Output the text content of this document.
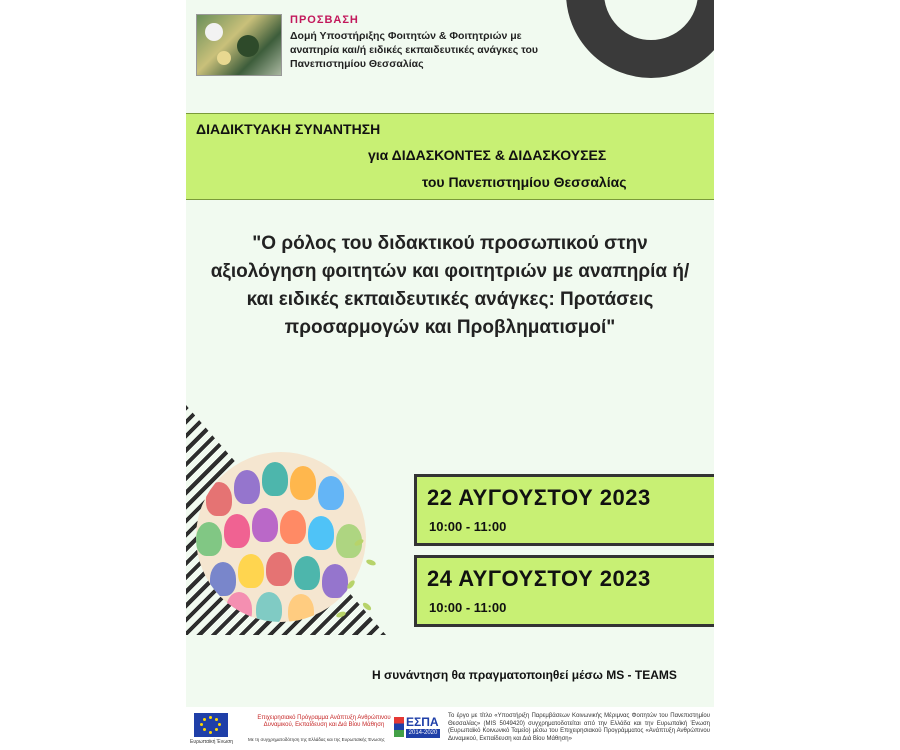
ΠΡΟΣΒΑΣΗ
Δομή Υποστήριξης Φοιτητών & Φοιτητριών με αναπηρία και/ή ειδικές εκπαιδευτικές ανάγκες του Πανεπιστημίου Θεσσαλίας
ΔΙΑΔΙΚΤΥΑΚΗ ΣΥΝΑΝΤΗΣΗ
για ΔΙΔΑΣΚΟΝΤΕΣ & ΔΙΔΑΣΚΟΥΣΕΣ
του Πανεπιστημίου Θεσσαλίας
"Ο ρόλος του διδακτικού προσωπικού στην αξιολόγηση φοιτητών και φοιτητριών με αναπηρία ή/και ειδικές εκπαιδευτικές ανάγκες: Προτάσεις προσαρμογών και Προβληματισμοί"
22 ΑΥΓΟΥΣΤΟΥ 2023
10:00 - 11:00
24 ΑΥΓΟΥΣΤΟΥ 2023
10:00 - 11:00
Η συνάντηση θα πραγματοποιηθεί μέσω MS - TEAMS
Ευρωπαϊκή Ένωση
Επιχειρησιακό Πρόγραμμα Ανάπτυξη Ανθρώπινου Δυναμικού, Εκπαίδευση και Διά Βίου Μάθηση
Με τη συγχρηματοδότηση της Ελλάδας και της Ευρωπαϊκής Ένωσης
ΕΣΠΑ
2014-2020
Το έργο με τίτλο «Υποστήριξη Παρεμβάσεων Κοινωνικής Μέριμνας Φοιτητών του Πανεπιστημίου Θεσσαλίας» (MIS 5049420) συγχρηματοδοτείται από την Ελλάδα και την Ευρωπαϊκή Ένωση (Ευρωπαϊκό Κοινωνικό Ταμείο) μέσω του Επιχειρησιακού Προγράμματος «Ανάπτυξη Ανθρώπινου Δυναμικού, Εκπαίδευση και Διά Βίου Μάθηση»
